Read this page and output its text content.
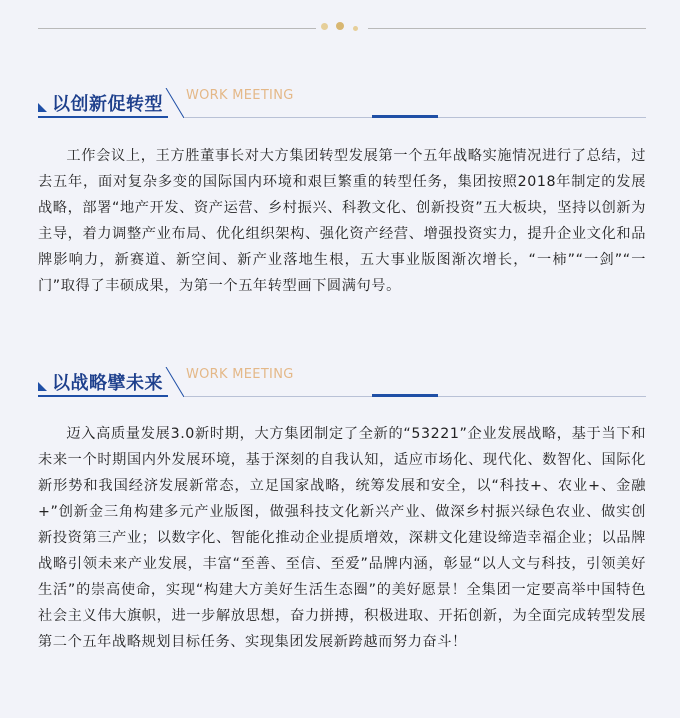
以创新促转型 WORK MEETING

工作会议上，王方胜董事长对大方集团转型发展第一个五年战略实施情况进行了总结，过去五年，面对复杂多变的国际国内环境和艰巨繁重的转型任务，集团按照2018年制定的发展战略，部署“地产开发、资产运营、乡村振兴、科教文化、创新投资”五大板块，坚持以创新为主导，着力调整产业布局、优化组织架构、强化资产经营、增强投资实力，提升企业文化和品牌影响力，新赛道、新空间、新产业落地生根，五大事业版图渐次增长，“一柿”“一剑”“一门”取得了丰硕成果，为第一个五年转型画下圆满句号。

以战略擘未来 WORK MEETING

迈入高质量发展3.0新时期，大方集团制定了全新的“53221”企业发展战略，基于当下和未来一个时期国内外发展环境，基于深刻的自我认知，适应市场化、现代化、数智化、国际化新形势和我国经济发展新常态，立足国家战略，统筹发展和安全，以“科技+、农业+、金融+”创新金三角构建多元产业版图，做强科技文化新兴产业、做深乡村振兴绿色农业、做实创新投资第三产业；以数字化、智能化推动企业提质增效，深耕文化建设缔造幸福企业；以品牌战略引领未来产业发展，丰富“至善、至信、至爱”品牌内涵，彰显“以人文与科技，引领美好生活”的崇高使命，实现“构建大方美好生活生态圈”的美好愿景！全集团一定要高举中国特色社会主义伟大旗帜，进一步解放思想，奋力拼搏，积极进取、开拓创新，为全面完成转型发展第二个五年战略规划目标任务、实现集团发展新跨越而努力奋斗！
